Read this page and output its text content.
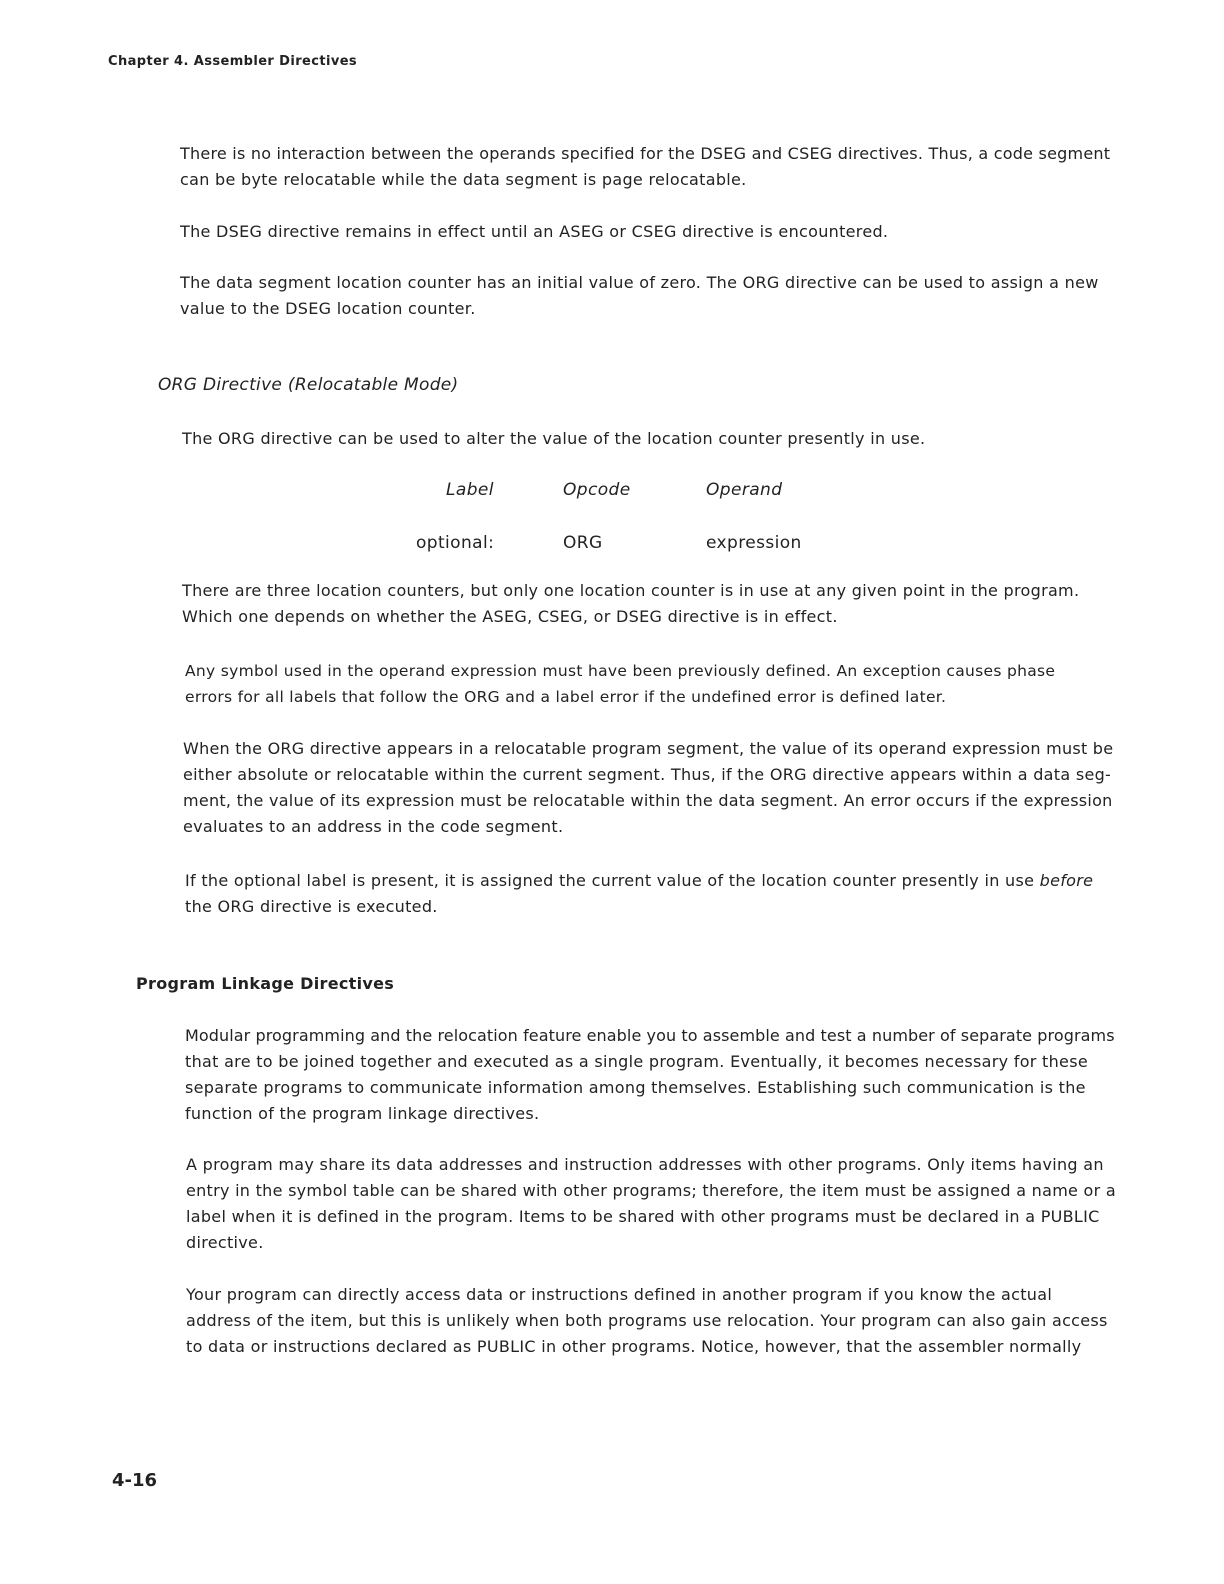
Chapter 4. Assembler Directives

There is no interaction between the operands specified for the DSEG and CSEG directives. Thus, a code segment
can be byte relocatable while the data segment is page relocatable.

The DSEG directive remains in effect until an ASEG or CSEG directive is encountered.

The data segment location counter has an initial value of zero. The ORG directive can be used to assign a new
value to the DSEG location counter.

ORG Directive (Relocatable Mode)

The ORG directive can be used to alter the value of the location counter presently in use.

Label	Opcode	Operand
optional:	ORG	expression

There are three location counters, but only one location counter is in use at any given point in the program.
Which one depends on whether the ASEG, CSEG, or DSEG directive is in effect.

Any symbol used in the operand expression must have been previously defined. An exception causes phase
errors for all labels that follow the ORG and a label error if the undefined error is defined later.

When the ORG directive appears in a relocatable program segment, the value of its operand expression must be
either absolute or relocatable within the current segment. Thus, if the ORG directive appears within a data seg-
ment, the value of its expression must be relocatable within the data segment. An error occurs if the expression
evaluates to an address in the code segment.

If the optional label is present, it is assigned the current value of the location counter presently in use before
the ORG directive is executed.

Program Linkage Directives

Modular programming and the relocation feature enable you to assemble and test a number of separate programs
that are to be joined together and executed as a single program. Eventually, it becomes necessary for these
separate programs to communicate information among themselves. Establishing such communication is the
function of the program linkage directives.

A program may share its data addresses and instruction addresses with other programs. Only items having an
entry in the symbol table can be shared with other programs; therefore, the item must be assigned a name or a
label when it is defined in the program. Items to be shared with other programs must be declared in a PUBLIC
directive.

Your program can directly access data or instructions defined in another program if you know the actual
address of the item, but this is unlikely when both programs use relocation. Your program can also gain access
to data or instructions declared as PUBLIC in other programs. Notice, however, that the assembler normally

4-16
